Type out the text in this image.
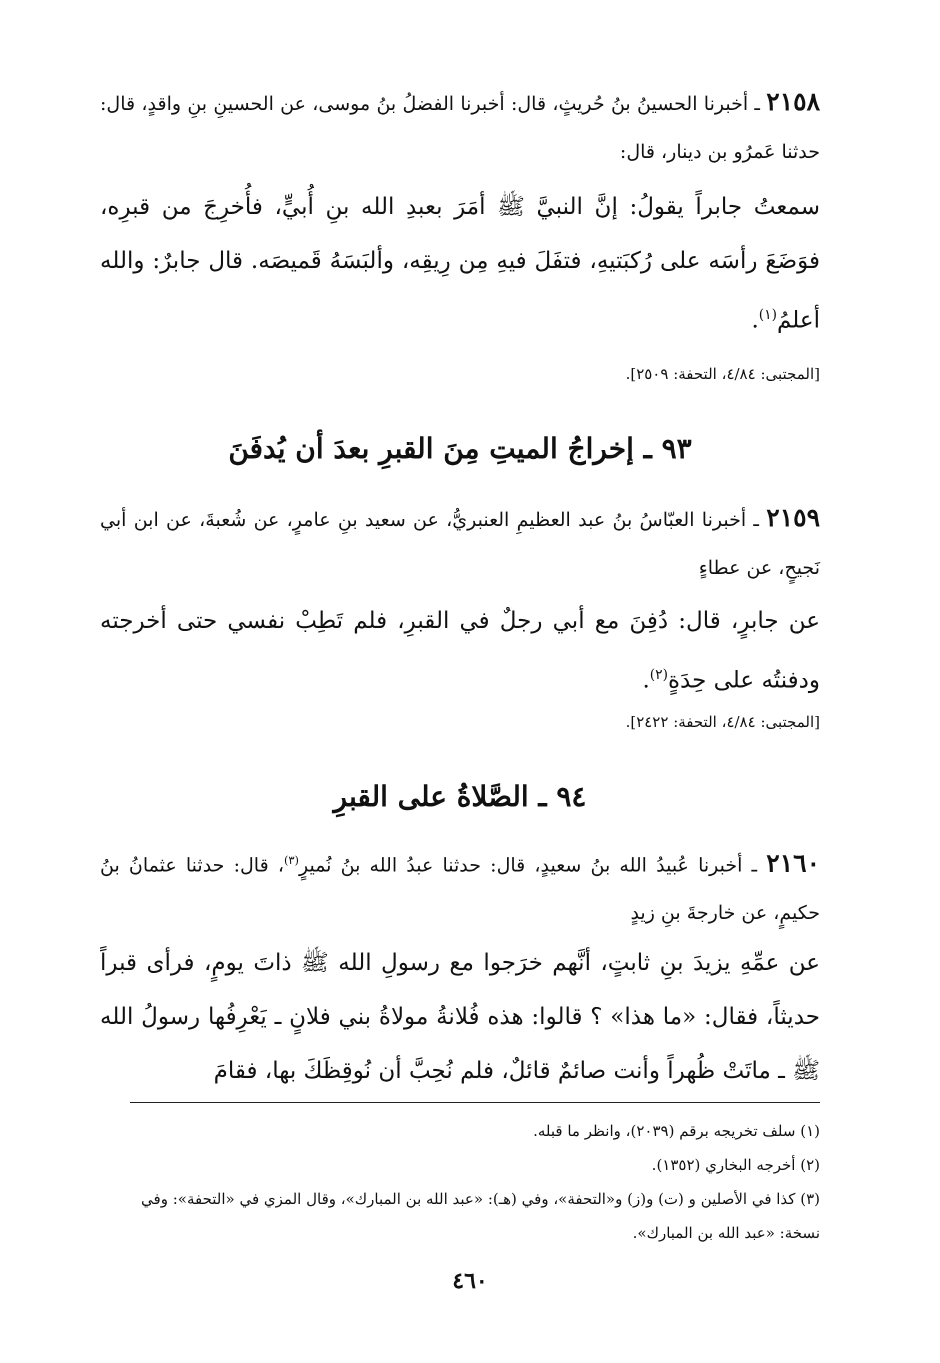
٢١٥٨ ـ أخبرنا الحسينُ بنُ حُريثٍ، قال: أخبرنا الفضلُ بنُ موسى، عن الحسينِ بنِ واقدٍ، قال: حدثنا عَمرُو بن دينار، قال:
سمعتُ جابراً يقولُ: إنَّ النبيَّ ﷺ أمَرَ بعبدِ الله بنِ أُبيٍّ، فأُخرِجَ من قبرِه، فوَضَعَ رأسَه على رُكبَتيهِ، فتفَلَ فيهِ مِن رِيقِه، وألبَسَهُ قَميصَه. قال جابرٌ: والله أعلمُ$^{(١)}$.
[المجتبى: ٤/٨٤، التحفة: ٢٥٠٩].
٩٣ ـ إخراجُ الميتِ مِنَ القبرِ بعدَ أن يُدفَنَ
٢١٥٩ ـ أخبرنا العبّاسُ بنُ عبد العظيمِ العنبريُّ، عن سعيد بنِ عامرٍ، عن شُعبةَ، عن ابن أبي نَجيحٍ، عن عطاءٍ
عن جابرٍ، قال: دُفِنَ مع أبي رجلٌ في القبرِ، فلم تَطِبْ نفسي حتى أخرجته ودفنتُه على حِدَةٍ$^{(٢)}$.
[المجتبى: ٤/٨٤، التحفة: ٢٤٢٢].
٩٤ ـ الصَّلاةُ على القبرِ
٢١٦٠ ـ أخبرنا عُبيدُ الله بنُ سعيدٍ، قال: حدثنا عبدُ الله بنُ نُميرٍ$^{(٣)}$، قال: حدثنا عثمانُ بنُ حكيمٍ، عن خارجةَ بنِ زيدٍ
عن عمِّهِ يزيدَ بنِ ثابتٍ، أنَّهم خرَجوا مع رسولِ الله ﷺ ذاتَ يومٍ، فرأى قبراً حديثاً، فقال: «ما هذا» ؟ قالوا: هذه فُلانةُ مولاةُ بني فلانٍ ـ يَعْرِفُها رسولُ الله ﷺ ـ ماتَتْ ظُهراً وأنت صائمٌ قائلٌ، فلم نُحِبَّ أن نُوقِظَكَ بها، فقامَ
(١) سلف تخريجه برقم (٢٠٣٩)، وانظر ما قبله.
(٢) أخرجه البخاري (١٣٥٢).
(٣) كذا في الأصلين و (ت) و(ز) و«التحفة»، وفي (هـ): «عبد الله بن المبارك»، وقال المزي في «التحفة»: وفي نسخة: «عبد الله بن المبارك».
٤٦٠
